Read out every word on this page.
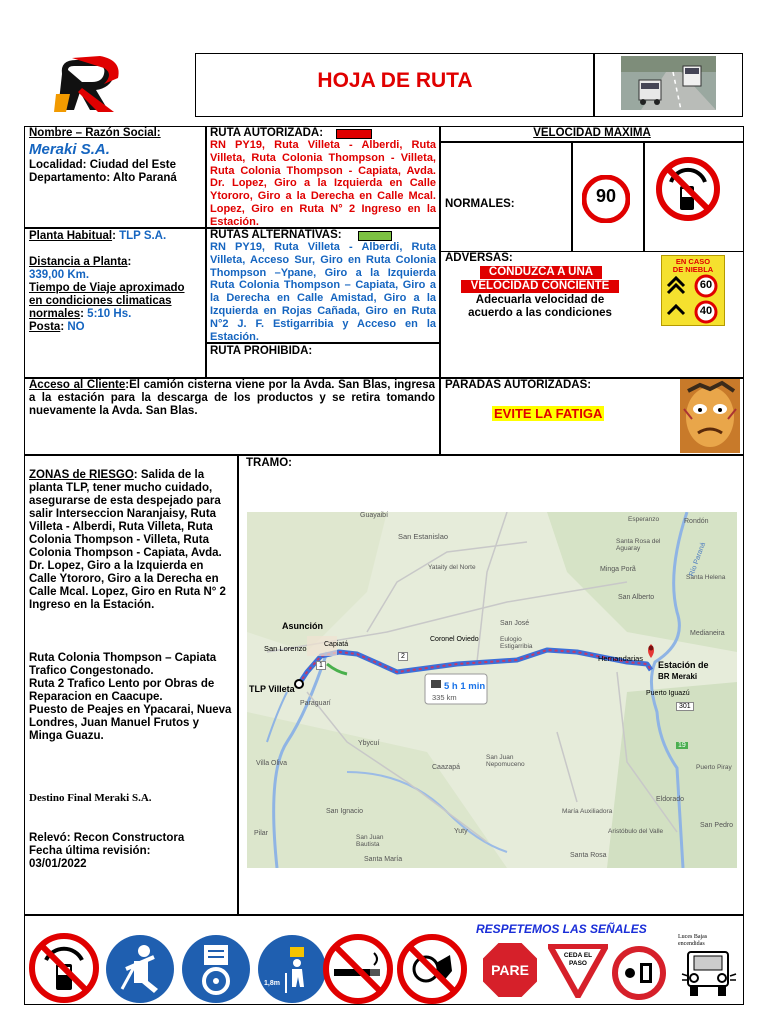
HOJA DE RUTA
Nombre – Razón Social:
Meraki S.A.
Localidad: Ciudad del Este
Departamento: Alto Paraná
RUTA AUTORIZADA:
RN PY19, Ruta Villeta - Alberdi, Ruta Villeta, Ruta Colonia Thompson - Villeta, Ruta Colonia Thompson - Capiata, Avda. Dr. Lopez, Giro a la Izquierda en Calle Ytororo, Giro a la Derecha en Calle Mcal. Lopez, Giro en Ruta N° 2 Ingreso en la Estación.
VELOCIDAD MAXIMA
NORMALES:	90
ADVERSAS:
CONDUZCA A UNA
VELOCIDAD CONCIENTE
Adecuarla velocidad de acuerdo a las condiciones
EN CASO
DE NIEBLA
60
40
Planta Habitual: TLP S.A.
Distancia a Planta:
339,00 Km.
Tiempo de Viaje aproximado en condiciones climaticas normales: 5:10 Hs.
Posta: NO
RUTAS ALTERNATIVAS:
RN PY19, Ruta Villeta - Alberdi, Ruta Villeta, Acceso Sur, Giro en Ruta Colonia Thompson –Ypane, Giro a la Izquierda Ruta Colonia Thompson – Capiata, Giro a la Derecha en Calle Amistad, Giro a la Izquierda en Rojas Cañada, Giro en Ruta N°2 J. F. Estigarribia y Acceso en la Estación.
RUTA PROHIBIDA:
Acceso al Cliente:El camión cisterna viene por la Avda. San Blas, ingresa a la estación para la descarga de los productos y se retira tomando nuevamente la Avda. San Blas.
PARADAS AUTORIZADAS:
EVITE LA FATIGA
ZONAS de RIESGO: Salida de la planta TLP, tener mucho cuidado, asegurarse de esta despejado para salir Interseccion Naranjaisy, Ruta Villeta - Alberdi, Ruta Villeta, Ruta Colonia Thompson - Villeta, Ruta Colonia Thompson - Capiata, Avda. Dr. Lopez, Giro a la Izquierda en Calle Ytororo, Giro a la Derecha en Calle Mcal. Lopez, Giro en Ruta N° 2 Ingreso en la Estación.
Ruta Colonia Thompson – Capiata Trafico Congestonado.
Ruta 2 Trafico Lento por Obras de Reparacion en Caacupe.
Puesto de Peajes en Ypacarai, Nueva Londres, Juan Manuel Frutos y Minga Guazu.
Destino Final Meraki S.A.
Relevó: Recon Constructora
Fecha última revisión:
03/01/2022
TRAMO:
5 h 1 min
335 km
TLP Villeta
Estación de
BR Meraki
Guayaibí
San Estanislao
Yataity del Norte	Minga Porã
Santa Rosa del Aguaray
San Alberto
Santa Helena
Esperanzo	Rondón
Medianeira
Asunción
Capiatá
San Lorenzo
Coronel Oviedo
San José
Eulogio Estigarribia
Hernandarias
Puerto Iguazú
Ybycuí
Caazapá
San Juan Nepomuceno
Villa Oliva
San Juan Bautista
San Ignacio
Santa María
Yuty
Santa Rosa
Eldorado
San Pedro
Aristóbulo del Valle
María Auxiliadora
Puerto Piray
Río Paraná
Pilar
Paraguarí
1
2
19
301
RESPETEMOS LAS SEÑALES
1,8m
PARE
CEDA EL
PASO
Luces Bajas encendidas
